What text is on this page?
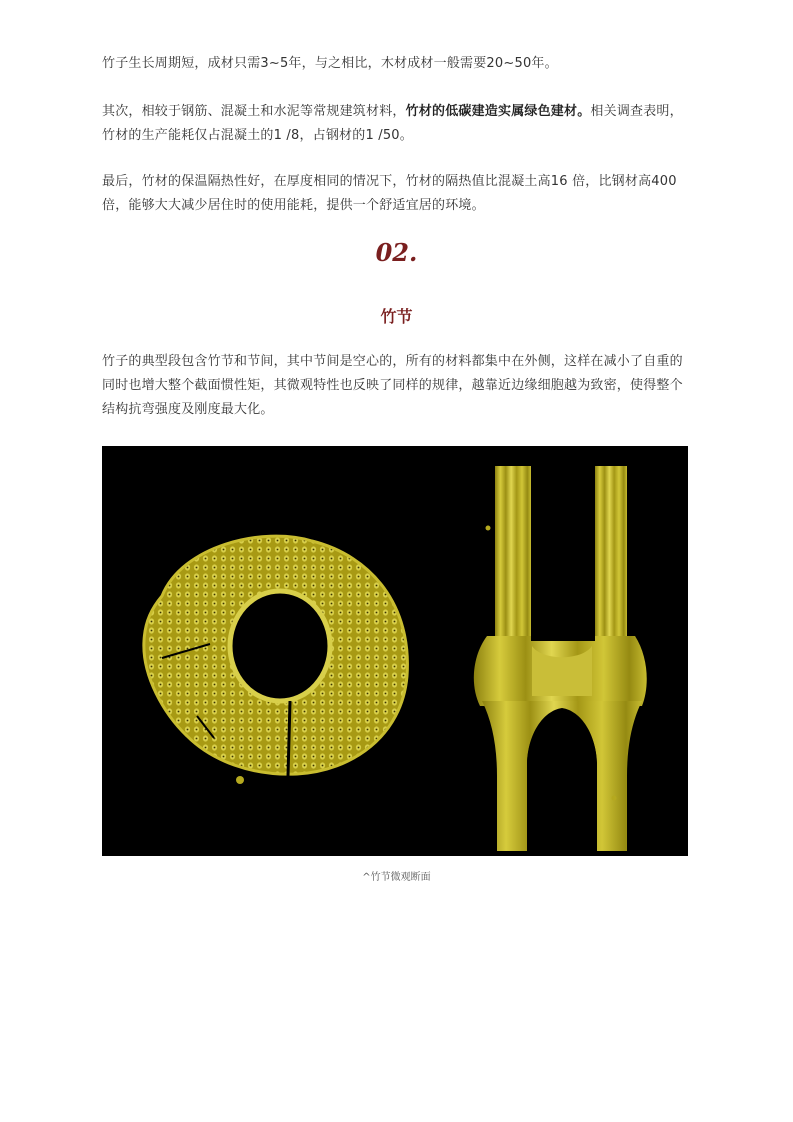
竹子生长周期短，成材只需3~5年，与之相比，木材成材一般需要20~50年。

其次，相较于钢筋、混凝土和水泥等常规建筑材料，竹材的低碳建造实属绿色建材。相关调查表明，竹材的生产能耗仅占混凝土的1 /8，占钢材的1 /50。

最后，竹材的保温隔热性好，在厚度相同的情况下，竹材的隔热值比混凝土高16 倍，比钢材高400 倍，能够大大减少居住时的使用能耗，提供一个舒适宜居的环境。

02.
竹节

竹子的典型段包含竹节和节间，其中节间是空心的，所有的材料都集中在外侧，这样在减小了自重的同时也增大整个截面惯性矩，其微观特性也反映了同样的规律，越靠近边缘细胞越为致密，使得整个结构抗弯强度及刚度最大化。

^竹节微观断面
